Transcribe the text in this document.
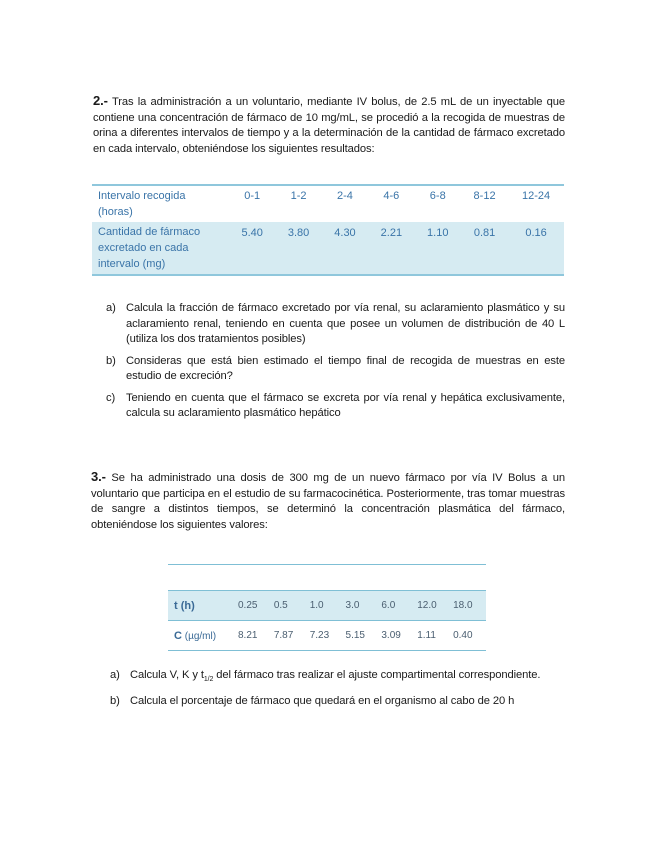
2.- Tras la administración a un voluntario, mediante IV bolus, de 2.5 mL de un inyectable que contiene una concentración de fármaco de 10 mg/mL, se procedió a la recogida de muestras de orina a diferentes intervalos de tiempo y a la determinación de la cantidad de fármaco excretado en cada intervalo, obteniéndose los siguientes resultados:

Intervalo recogida (horas)	0-1	1-2	2-4	4-6	6-8	8-12	12-24
Cantidad de fármaco excretado en cada intervalo (mg)	5.40	3.80	4.30	2.21	1.10	0.81	0.16
a) Calcula la fracción de fármaco excretado por vía renal, su aclaramiento plasmático y su aclaramiento renal, teniendo en cuenta que posee un volumen de distribución de 40 L (utiliza los dos tratamientos posibles)
b) Consideras que está bien estimado el tiempo final de recogida de muestras en este estudio de excreción?
c) Teniendo en cuenta que el fármaco se excreta por vía renal y hepática exclusivamente, calcula su aclaramiento plasmático hepático

3.- Se ha administrado una dosis de 300 mg de un nuevo fármaco por vía IV Bolus a un voluntario que participa en el estudio de su farmacocinética. Posteriormente, tras tomar muestras de sangre a distintos tiempos, se determinó la concentración plasmática del fármaco, obteniéndose los siguientes valores:

t (h)	0.25	0.5	1.0	3.0	6.0	12.0	18.0
C (µg/ml)	8.21	7.87	7.23	5.15	3.09	1.11	0.40
a) Calcula V, K y $t_{1/2}$ del fármaco tras realizar el ajuste compartimental correspondiente.
b) Calcula el porcentaje de fármaco que quedará en el organismo al cabo de 20 h
